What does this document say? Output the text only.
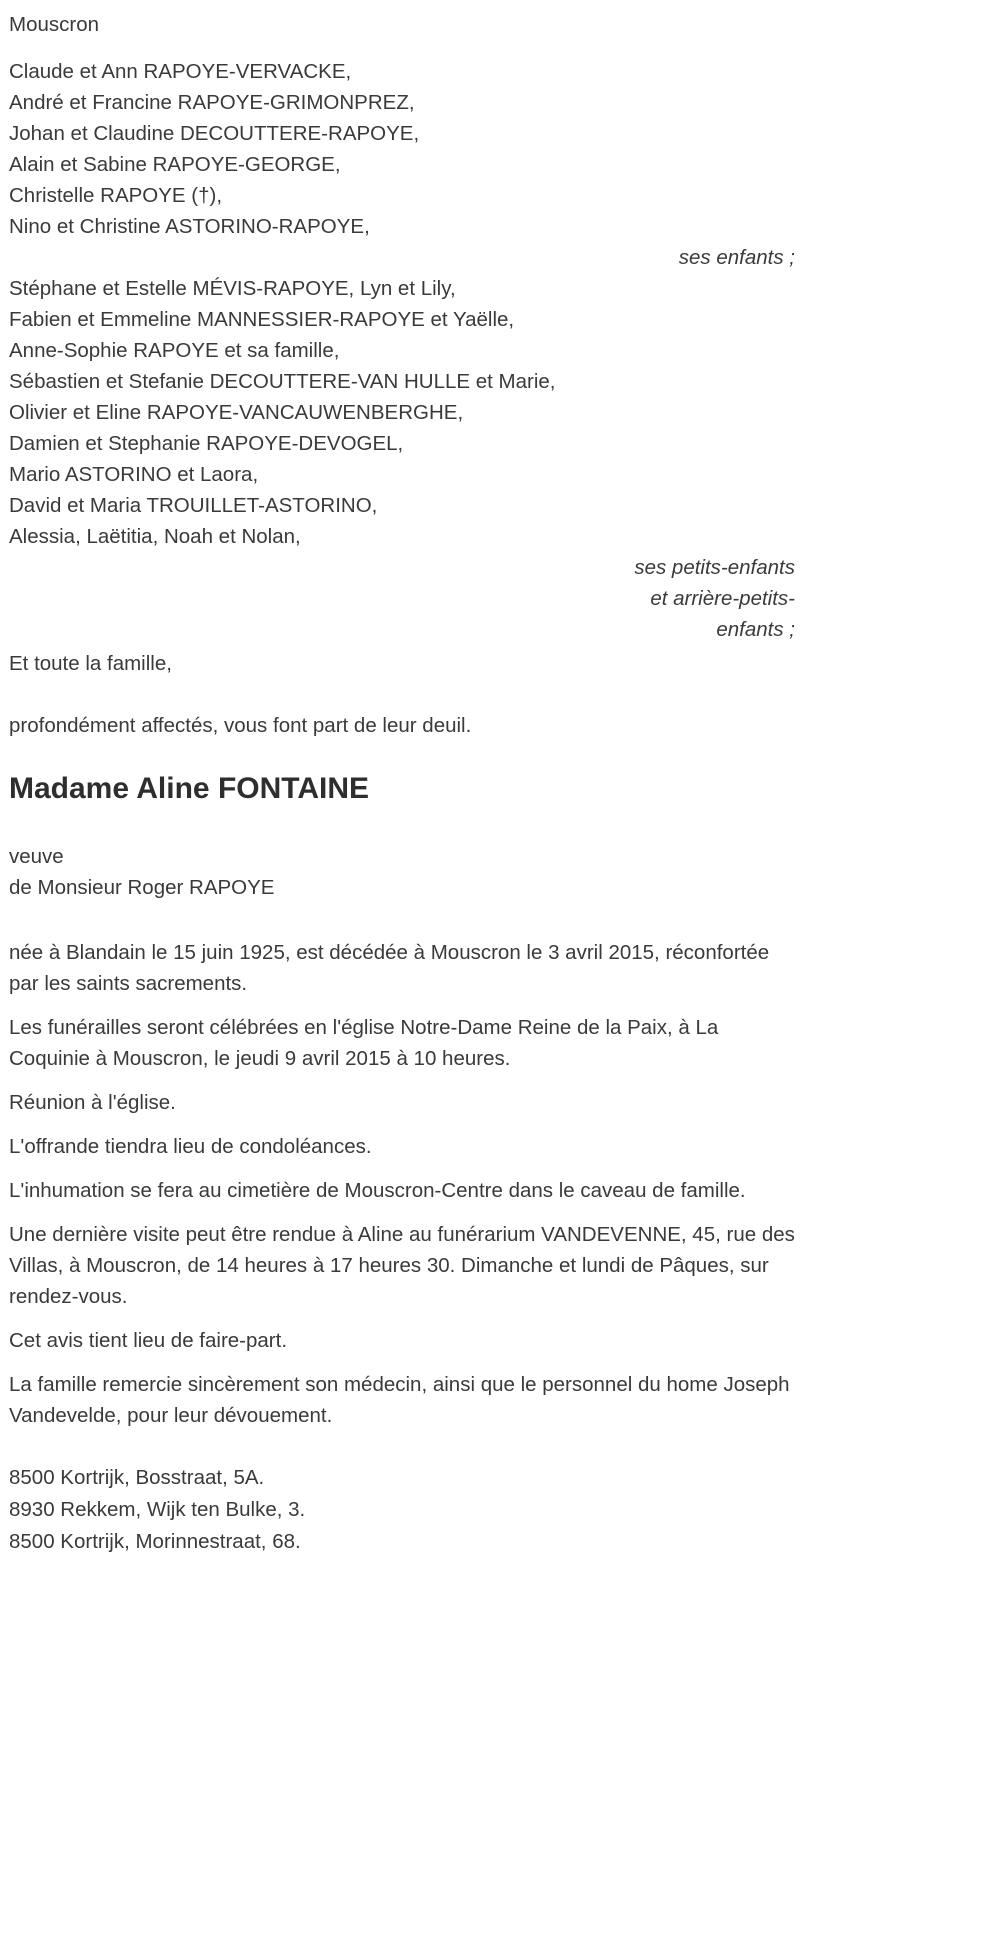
Mouscron

Claude et Ann RAPOYE-VERVACKE,

André et Francine RAPOYE-GRIMONPREZ,

Johan et Claudine DECOUTTERE-RAPOYE,

Alain et Sabine RAPOYE-GEORGE,

Christelle RAPOYE (†),

Nino et Christine ASTORINO-RAPOYE,

ses enfants ;

Stéphane et Estelle MÉVIS-RAPOYE, Lyn et Lily,

Fabien et Emmeline MANNESSIER-RAPOYE et Yaëlle,

Anne-Sophie RAPOYE et sa famille,

Sébastien et Stefanie DECOUTTERE-VAN HULLE et Marie,

Olivier et Eline RAPOYE-VANCAUWENBERGHE,

Damien et Stephanie RAPOYE-DEVOGEL,

Mario ASTORINO et Laora,

David et Maria TROUILLET-ASTORINO,

Alessia, Laëtitia, Noah et Nolan,

ses petits-enfants

et arrière-petits-

enfants ;

Et toute la famille,

profondément affectés, vous font part de leur deuil.

Madame Aline FONTAINE

veuve

de Monsieur Roger RAPOYE

née à Blandain le 15 juin 1925, est décédée à Mouscron le 3 avril 2015, réconfortée par les saints sacrements.

Les funérailles seront célébrées en l'église Notre-Dame Reine de la Paix, à La Coquinie à Mouscron, le jeudi 9 avril 2015 à 10 heures.

Réunion à l'église.

L'offrande tiendra lieu de condoléances.

L'inhumation se fera au cimetière de Mouscron-Centre dans le caveau de famille.

Une dernière visite peut être rendue à Aline au funérarium VANDEVENNE, 45, rue des Villas, à Mouscron, de 14 heures à 17 heures 30. Dimanche et lundi de Pâques, sur rendez-vous.

Cet avis tient lieu de faire-part.

La famille remercie sincèrement son médecin, ainsi que le personnel du home Joseph Vandevelde, pour leur dévouement.

8500 Kortrijk, Bosstraat, 5A.

8930 Rekkem, Wijk ten Bulke, 3.

8500 Kortrijk, Morinnestraat, 68.
